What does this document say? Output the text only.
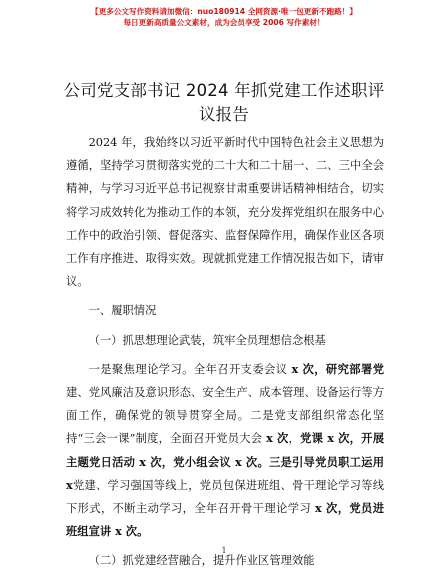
【更多公文写作资料请加微信：nuo180914 全网资源·唯一包更新不跑路！】
每日更新高质量公文素材，成为会员享受 2006 写作素材！
公司党支部书记 2024 年抓党建工作述职评议报告

2024 年，我始终以习近平新时代中国特色社会主义思想为遵循，坚持学习贯彻落实党的二十大和二十届一、二、三中全会精神，与学习习近平总书记视察甘肃重要讲话精神相结合，切实将学习成效转化为推动工作的本领，充分发挥党组织在服务中心工作中的政治引领、督促落实、监督保障作用，确保作业区各项工作有序推进、取得实效。现就抓党建工作情况报告如下，请审议。

一、履职情况

（一）抓思想理论武装，筑牢全员理想信念根基

一是聚焦理论学习。全年召开支委会议 x 次，研究部署党建、党风廉洁及意识形态、安全生产、成本管理、设备运行等方面工作，确保党的领导贯穿全局。二是党支部组织常态化坚持“三会一课”制度，全面召开党员大会 x 次，党课 x 次，开展主题党日活动 x 次，党小组会议 x 次。三是引导党员职工运用 x党建、学习强国等线上，党员包保进班组、骨干理论学习等线下形式，不断主动学习，全年召开骨干理论学习 x 次，党员进班组宣讲 x 次。

（二）抓党建经营融合，提升作业区管理效能

1
